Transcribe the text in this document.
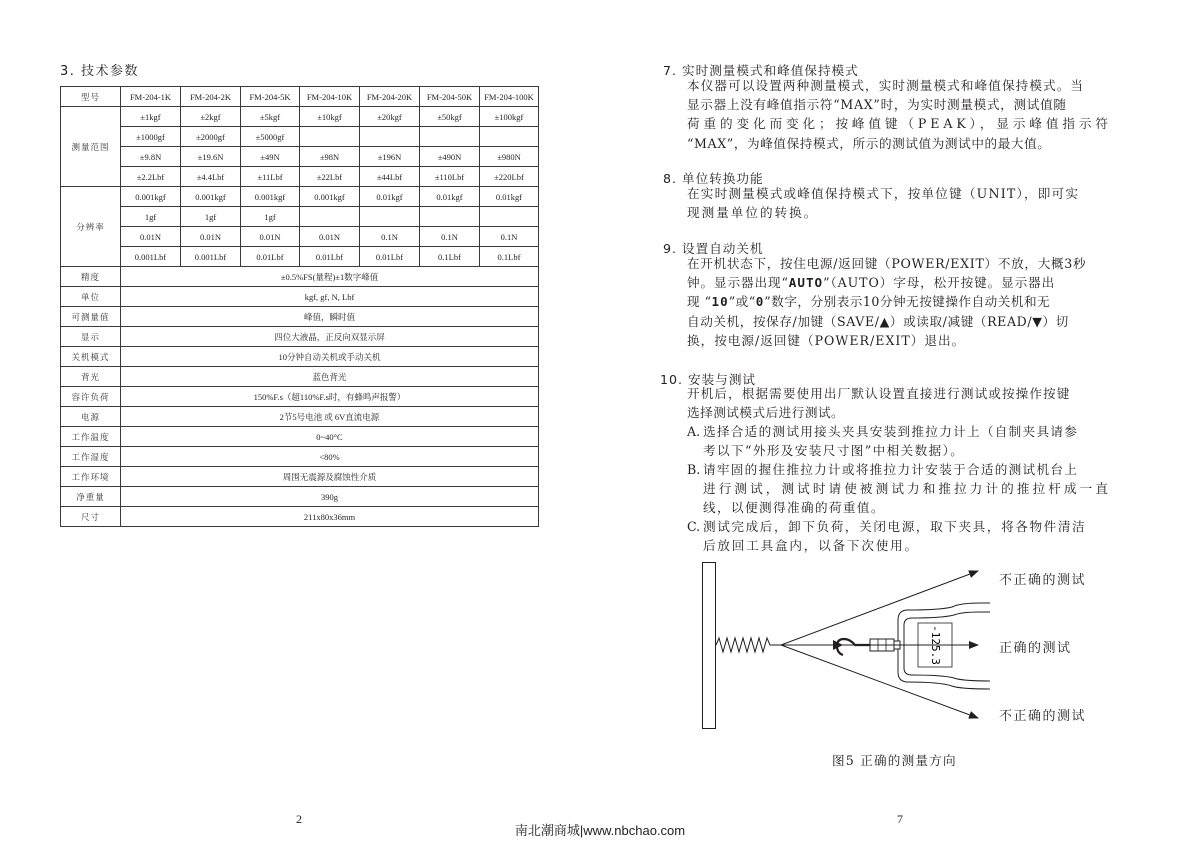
3. 技术参数
型号	FM-204-1K	FM-204-2K	FM-204-5K	FM-204-10K	FM-204-20K	FM-204-50K	FM-204-100K
测量范围	±1kgf	±2kgf	±5kgf	±10kgf	±20kgf	±50kgf	±100kgf
	±1000gf	±2000gf	±5000gf				
	±9.8N	±19.6N	±49N	±98N	±196N	±490N	±980N
	±2.2Lbf	±4.4Lbf	±11Lbf	±22Lbf	±44Lbf	±110Lbf	±220Lbf
分辨率	0.001kgf	0.001kgf	0.001kgf	0.001kgf	0.01kgf	0.01kgf	0.01kgf
	1gf	1gf	1gf				
	0.01N	0.01N	0.01N	0.01N	0.1N	0.1N	0.1N
	0.001Lbf	0.001Lbf	0.01Lbf	0.01Lbf	0.01Lbf	0.1Lbf	0.1Lbf
精度	±0.5%FS(量程)±1数字峰值						
单位	kgf, gf, N, Lbf						
可测量值	峰值，瞬时值						
显示	四位大液晶，正反向双显示屏						
关机模式	10分钟自动关机或手动关机						
背光	蓝色背光						
容许负荷	150%F.s（超110%F.s时，有蜂鸣声报警）						
电源	2节5号电池 或 6V直流电源						
工作温度	0~40°C						
工作湿度	<80%						
工作环境	周围无震源及腐蚀性介质						
净重量	390g						
尺寸	211x80x36mm						
2
7. 实时测量模式和峰值保持模式

本仪器可以设置两种测量模式，实时测量模式和峰值保持模式。当

显示器上没有峰值指示符“MAX”时，为实时测量模式，测试值随

荷重的变化而变化；按峰值键（PEAK），显示峰值指示符

“MAX”，为峰值保持模式，所示的测试值为测试中的最大值。

8. 单位转换功能

在实时测量模式或峰值保持模式下，按单位键（UNIT），即可实

现测量单位的转换。

9. 设置自动关机

在开机状态下，按住电源/返回键（POWER/EXIT）不放，大概3秒

钟。显示器出现“AUTO”（AUTO）字母，松开按键。显示器出

现 “10”或“0”数字，分别表示10分钟无按键操作自动关机和无

自动关机，按保存/加键（SAVE/▲）或读取/减键（READ/▼）切

换，按电源/返回键（POWER/EXIT）退出。

10. 安装与测试

开机后，根据需要使用出厂默认设置直接进行测试或按操作按键

选择测试模式后进行测试。

A. 选择合适的测试用接头夹具安装到推拉力计上（自制夹具请参
考以下“外形及安装尺寸图”中相关数据）。
B. 请牢固的握住推拉力计或将推拉力计安装于合适的测试机台上
进行测试，测试时请使被测试力和推拉力计的推拉杆成一直
线，以便测得准确的荷重值。
C. 测试完成后，卸下负荷，关闭电源，取下夹具，将各物件清洁
后放回工具盒内，以备下次使用。
-125.3
不正确的测试
正确的测试
不正确的测试
图5 正确的测量方向
7
南北潮商城|www.nbchao.com
